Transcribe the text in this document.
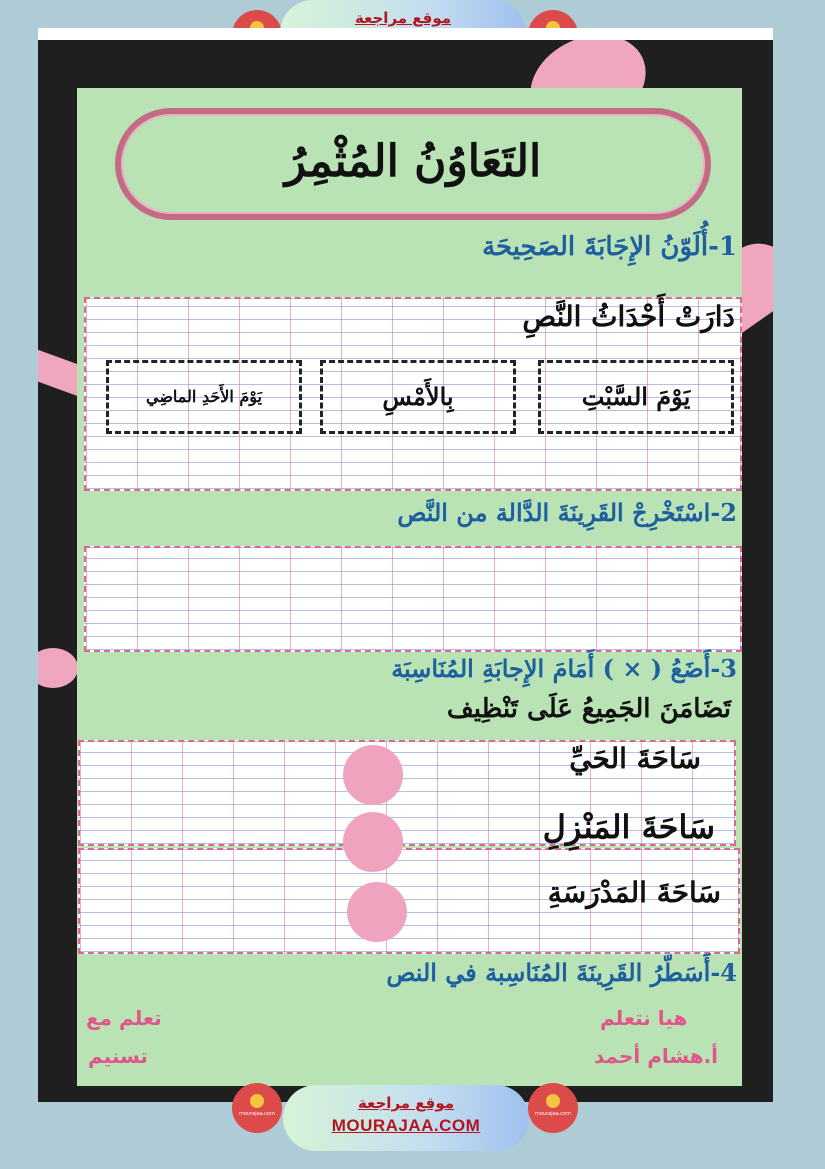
موقع مراجعة
التَعَاوُنُ المُثْمِرُ
1-أُلَوّنُ الإِجَابَةَ الصَحِيحَة
دَارَتْ أَحْدَاثُ النَّصِ
يَوْمَ السَّبْتِ
بِالأَمْسِ
يَوْمَ الأَحَدِ الماضِي
2-اسْتَخْرِجْ القَرِينَةَ الدَّالة من النَّص
3-أَضَعُ ( × ) أَمَامَ الإِجابَةِ المُنَاسِبَة
تَضَامَنَ الجَمِيعُ عَلَى تَنْظِيف
سَاحَةَ الحَيِّ
سَاحَةَ المَنْزِلِ
سَاحَةَ المَدْرَسَةِ
4-أَسَطّرُ القَرِينَةَ المُنَاسِبة في النص
هيا نتعلم
أ.هشام أحمد
تعلم مع
تسنيم
mourajaa.com
موقع مراجعة
MOURAJAA.COM
mourajaa.com
